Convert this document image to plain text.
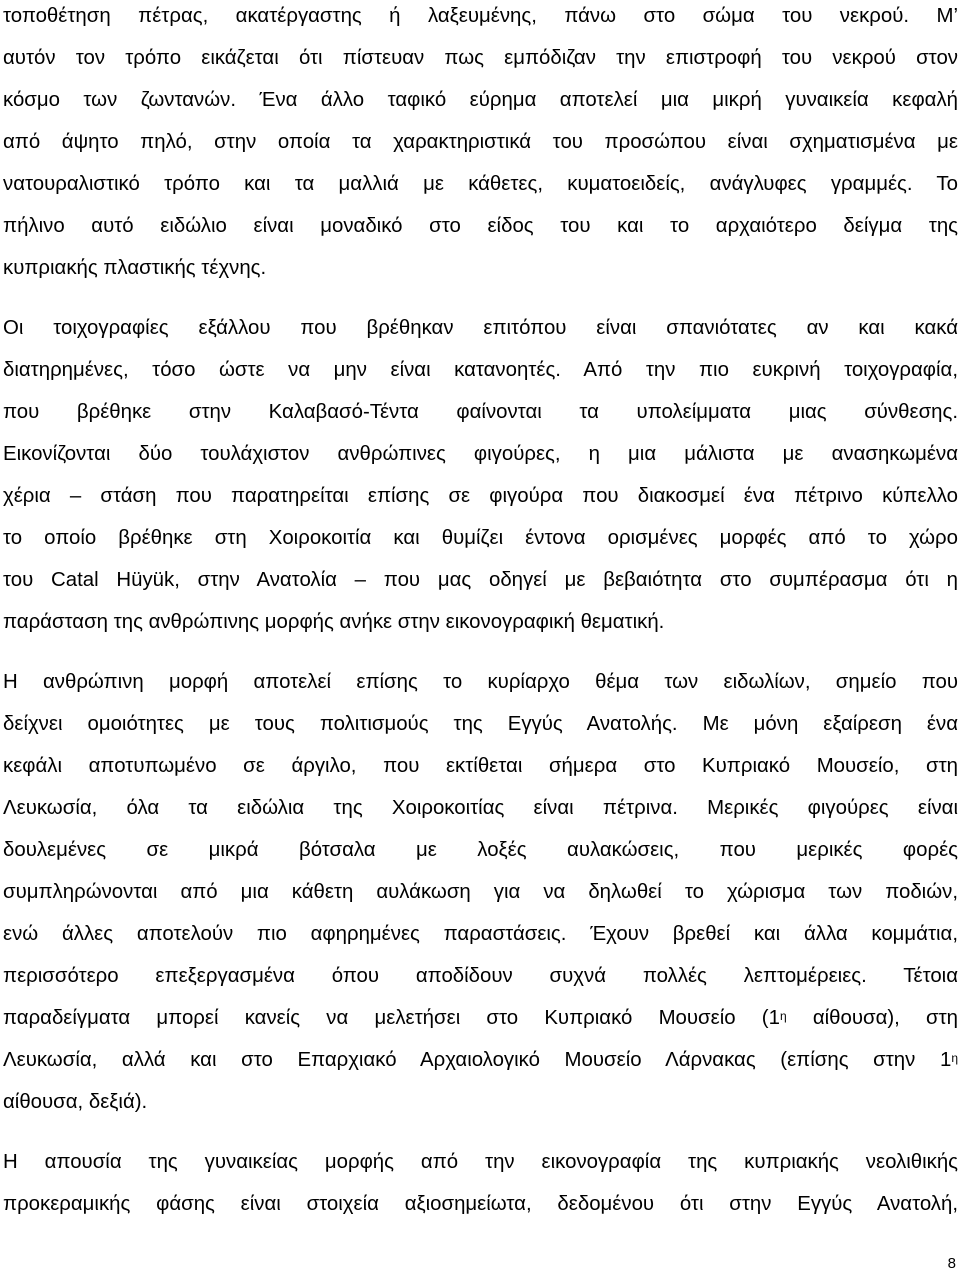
τοποθέτηση πέτρας, ακατέργαστης ή λαξευμένης, πάνω στο σώμα του νεκρού. Μ’
αυτόν τον τρόπο εικάζεται ότι πίστευαν πως εμπόδιζαν την επιστροφή του νεκρού στον
κόσμο των ζωντανών. Ένα άλλο ταφικό εύρημα αποτελεί μια μικρή γυναικεία κεφαλή
από άψητο πηλό, στην οποία τα χαρακτηριστικά του προσώπου είναι σχηματισμένα με
νατουραλιστικό τρόπο και τα μαλλιά με κάθετες, κυματοειδείς, ανάγλυφες γραμμές. Το
πήλινο αυτό ειδώλιο είναι μοναδικό στο είδος του και το αρχαιότερο δείγμα της
κυπριακής πλαστικής τέχνης.
Οι τοιχογραφίες εξάλλου που βρέθηκαν επιτόπου είναι σπανιότατες αν και κακά
διατηρημένες, τόσο ώστε να μην είναι κατανοητές. Από την πιο ευκρινή τοιχογραφία,
που βρέθηκε στην Καλαβασό-Τέντα φαίνονται τα υπολείμματα μιας σύνθεσης.
Εικονίζονται δύο τουλάχιστον ανθρώπινες φιγούρες, η μια μάλιστα με ανασηκωμένα
χέρια – στάση που παρατηρείται επίσης σε φιγούρα που διακοσμεί ένα πέτρινο κύπελλο
το οποίο βρέθηκε στη Χοιροκοιτία και θυμίζει έντονα ορισμένες μορφές από το χώρο
του Catal Hüyük, στην Ανατολία – που μας οδηγεί με βεβαιότητα στο συμπέρασμα ότι η
παράσταση της ανθρώπινης μορφής ανήκε στην εικονογραφική θεματική.
Η ανθρώπινη μορφή αποτελεί επίσης το κυρίαρχο θέμα των ειδωλίων, σημείο που
δείχνει ομοιότητες με τους πολιτισμούς της Εγγύς Ανατολής. Με μόνη εξαίρεση ένα
κεφάλι αποτυπωμένο σε άργιλο, που εκτίθεται σήμερα στο Κυπριακό Μουσείο, στη
Λευκωσία, όλα τα ειδώλια της Χοιροκοιτίας είναι πέτρινα. Μερικές φιγούρες είναι
δουλεμένες σε μικρά βότσαλα με λοξές αυλακώσεις, που μερικές φορές
συμπληρώνονται από μια κάθετη αυλάκωση για να δηλωθεί το χώρισμα των ποδιών,
ενώ άλλες αποτελούν πιο αφηρημένες παραστάσεις. Έχουν βρεθεί και άλλα κομμάτια,
περισσότερο επεξεργασμένα όπου αποδίδουν συχνά πολλές λεπτομέρειες. Τέτοια
παραδείγματα μπορεί κανείς να μελετήσει στο Κυπριακό Μουσείο ($1^\eta$ αίθουσα), στη
Λευκωσία, αλλά και στο Επαρχιακό Αρχαιολογικό Μουσείο Λάρνακας (επίσης στην $1^\eta$
αίθουσα, δεξιά).
Η απουσία της γυναικείας μορφής από την εικονογραφία της κυπριακής νεολιθικής
προκεραμικής φάσης είναι στοιχεία αξιοσημείωτα, δεδομένου ότι στην Εγγύς Ανατολή,
8
